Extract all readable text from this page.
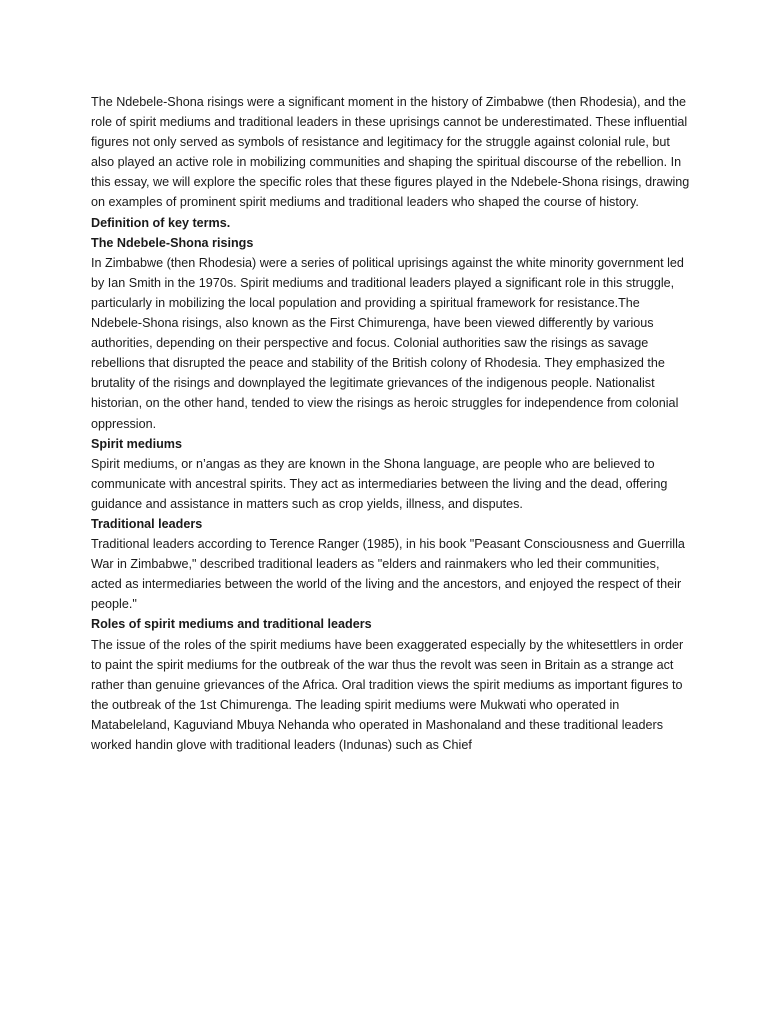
The Ndebele-Shona risings were a significant moment in the history of Zimbabwe (then Rhodesia), and the role of spirit mediums and traditional leaders in these uprisings cannot be underestimated. These influential figures not only served as symbols of resistance and legitimacy for the struggle against colonial rule, but also played an active role in mobilizing communities and shaping the spiritual discourse of the rebellion. In this essay, we will explore the specific roles that these figures played in the Ndebele-Shona risings, drawing on examples of prominent spirit mediums and traditional leaders who shaped the course of history.

Definition of key terms.

The Ndebele-Shona risings

In Zimbabwe (then Rhodesia) were a series of political uprisings against the white minority government led by Ian Smith in the 1970s. Spirit mediums and traditional leaders played a significant role in this struggle, particularly in mobilizing the local population and providing a spiritual framework for resistance.The Ndebele-Shona risings, also known as the First Chimurenga, have been viewed differently by various authorities, depending on their perspective and focus. Colonial authorities saw the risings as savage rebellions that disrupted the peace and stability of the British colony of Rhodesia. They emphasized the brutality of the risings and downplayed the legitimate grievances of the indigenous people. Nationalist historian, on the other hand, tended to view the risings as heroic struggles for independence from colonial oppression.

Spirit mediums

Spirit mediums, or n’angas as they are known in the Shona language, are people who are believed to communicate with ancestral spirits. They act as intermediaries between the living and the dead, offering guidance and assistance in matters such as crop yields, illness, and disputes.

Traditional leaders

Traditional leaders according to Terence Ranger (1985), in his book "Peasant Consciousness and Guerrilla War in Zimbabwe," described traditional leaders as "elders and rainmakers who led their communities, acted as intermediaries between the world of the living and the ancestors, and enjoyed the respect of their people."

Roles of spirit mediums and traditional leaders

The issue of the roles of the spirit mediums have been exaggerated especially by the whitesettlers in order to paint the spirit mediums for the outbreak of the war thus the revolt was seen in Britain as a strange act rather than genuine grievances of the Africa. Oral tradition views the spirit mediums as important figures to the outbreak of the 1st Chimurenga. The leading spirit mediums were Mukwati who operated in Matabeleland, Kaguviand Mbuya Nehanda who operated in Mashonaland and these traditional leaders worked handin glove with traditional leaders (Indunas) such as Chief
